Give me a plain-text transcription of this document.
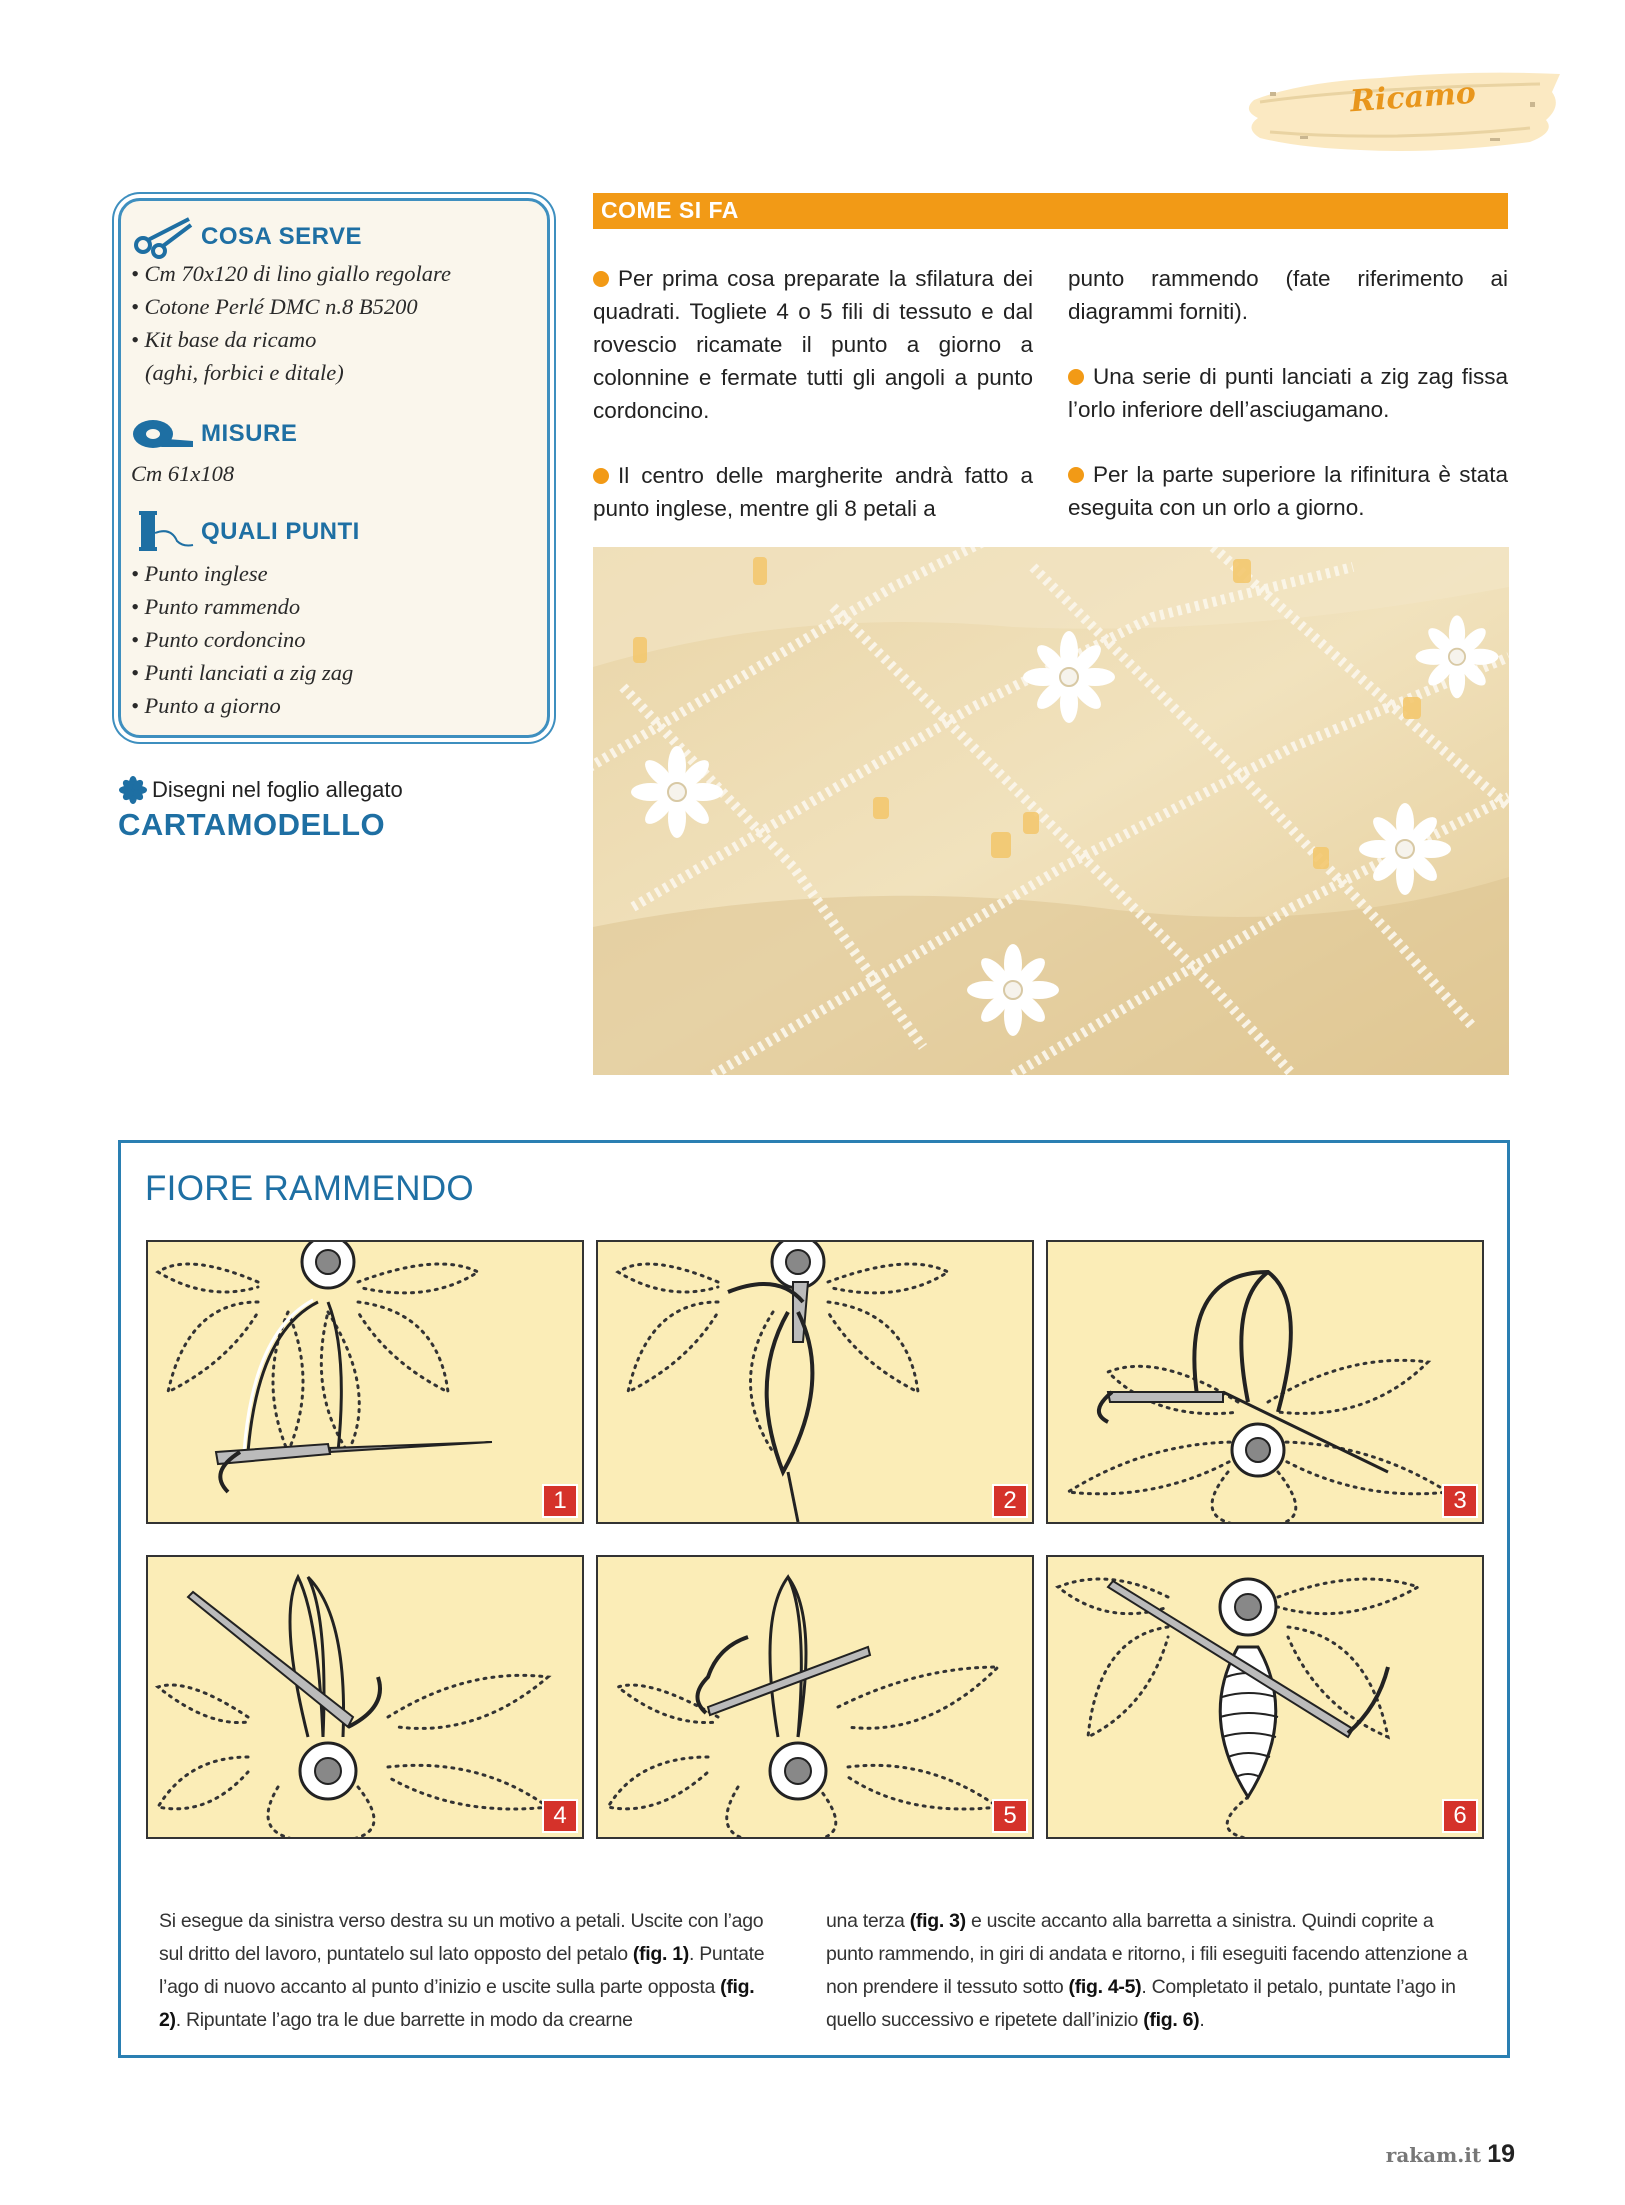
Ricamo
COSA SERVE
• Cm 70x120 di lino giallo regolare
• Cotone Perlé DMC n.8 B5200
• Kit base da ricamo
(aghi, forbici e ditale)
MISURE
Cm 61x108
QUALI PUNTI
• Punto inglese
• Punto rammendo
• Punto cordoncino
• Punti lanciati a zig zag
• Punto a giorno
Disegni nel foglio allegato
CARTAMODELLO
COME SI FA

Per prima cosa preparate la sfilatura dei quadrati. Togliete 4 o 5 fili di tessuto e dal rovescio ricamate il punto a giorno a colonnine e fermate tutti gli angoli a punto cordoncino.

Il centro delle margherite andrà fatto a punto inglese, mentre gli 8 petali a

punto rammendo (fate riferimento ai diagrammi forniti).

Una serie di punti lanciati a zig zag fissa l’orlo inferiore dell’asciugamano.

Per la parte superiore la rifinitura è stata eseguita con un orlo a giorno.

FIORE RAMMENDO
1	2	3
4	5	6
Si esegue da sinistra verso destra su un motivo a petali. Uscite con l’ago sul dritto del lavoro, puntatelo sul lato opposto del petalo (fig. 1). Puntate l’ago di nuovo accanto al punto d’inizio e uscite sulla parte opposta (fig. 2). Ripuntate l’ago tra le due barrette in modo da crearne
una terza (fig. 3) e uscite accanto alla barretta a sinistra. Quindi coprite a punto rammendo, in giri di andata e ritorno, i fili eseguiti facendo attenzione a non prendere il tessuto sotto (fig. 4-5). Completato il petalo, puntate l’ago in quello successivo e ripetete dall’inizio (fig. 6).
rakam.it 19
